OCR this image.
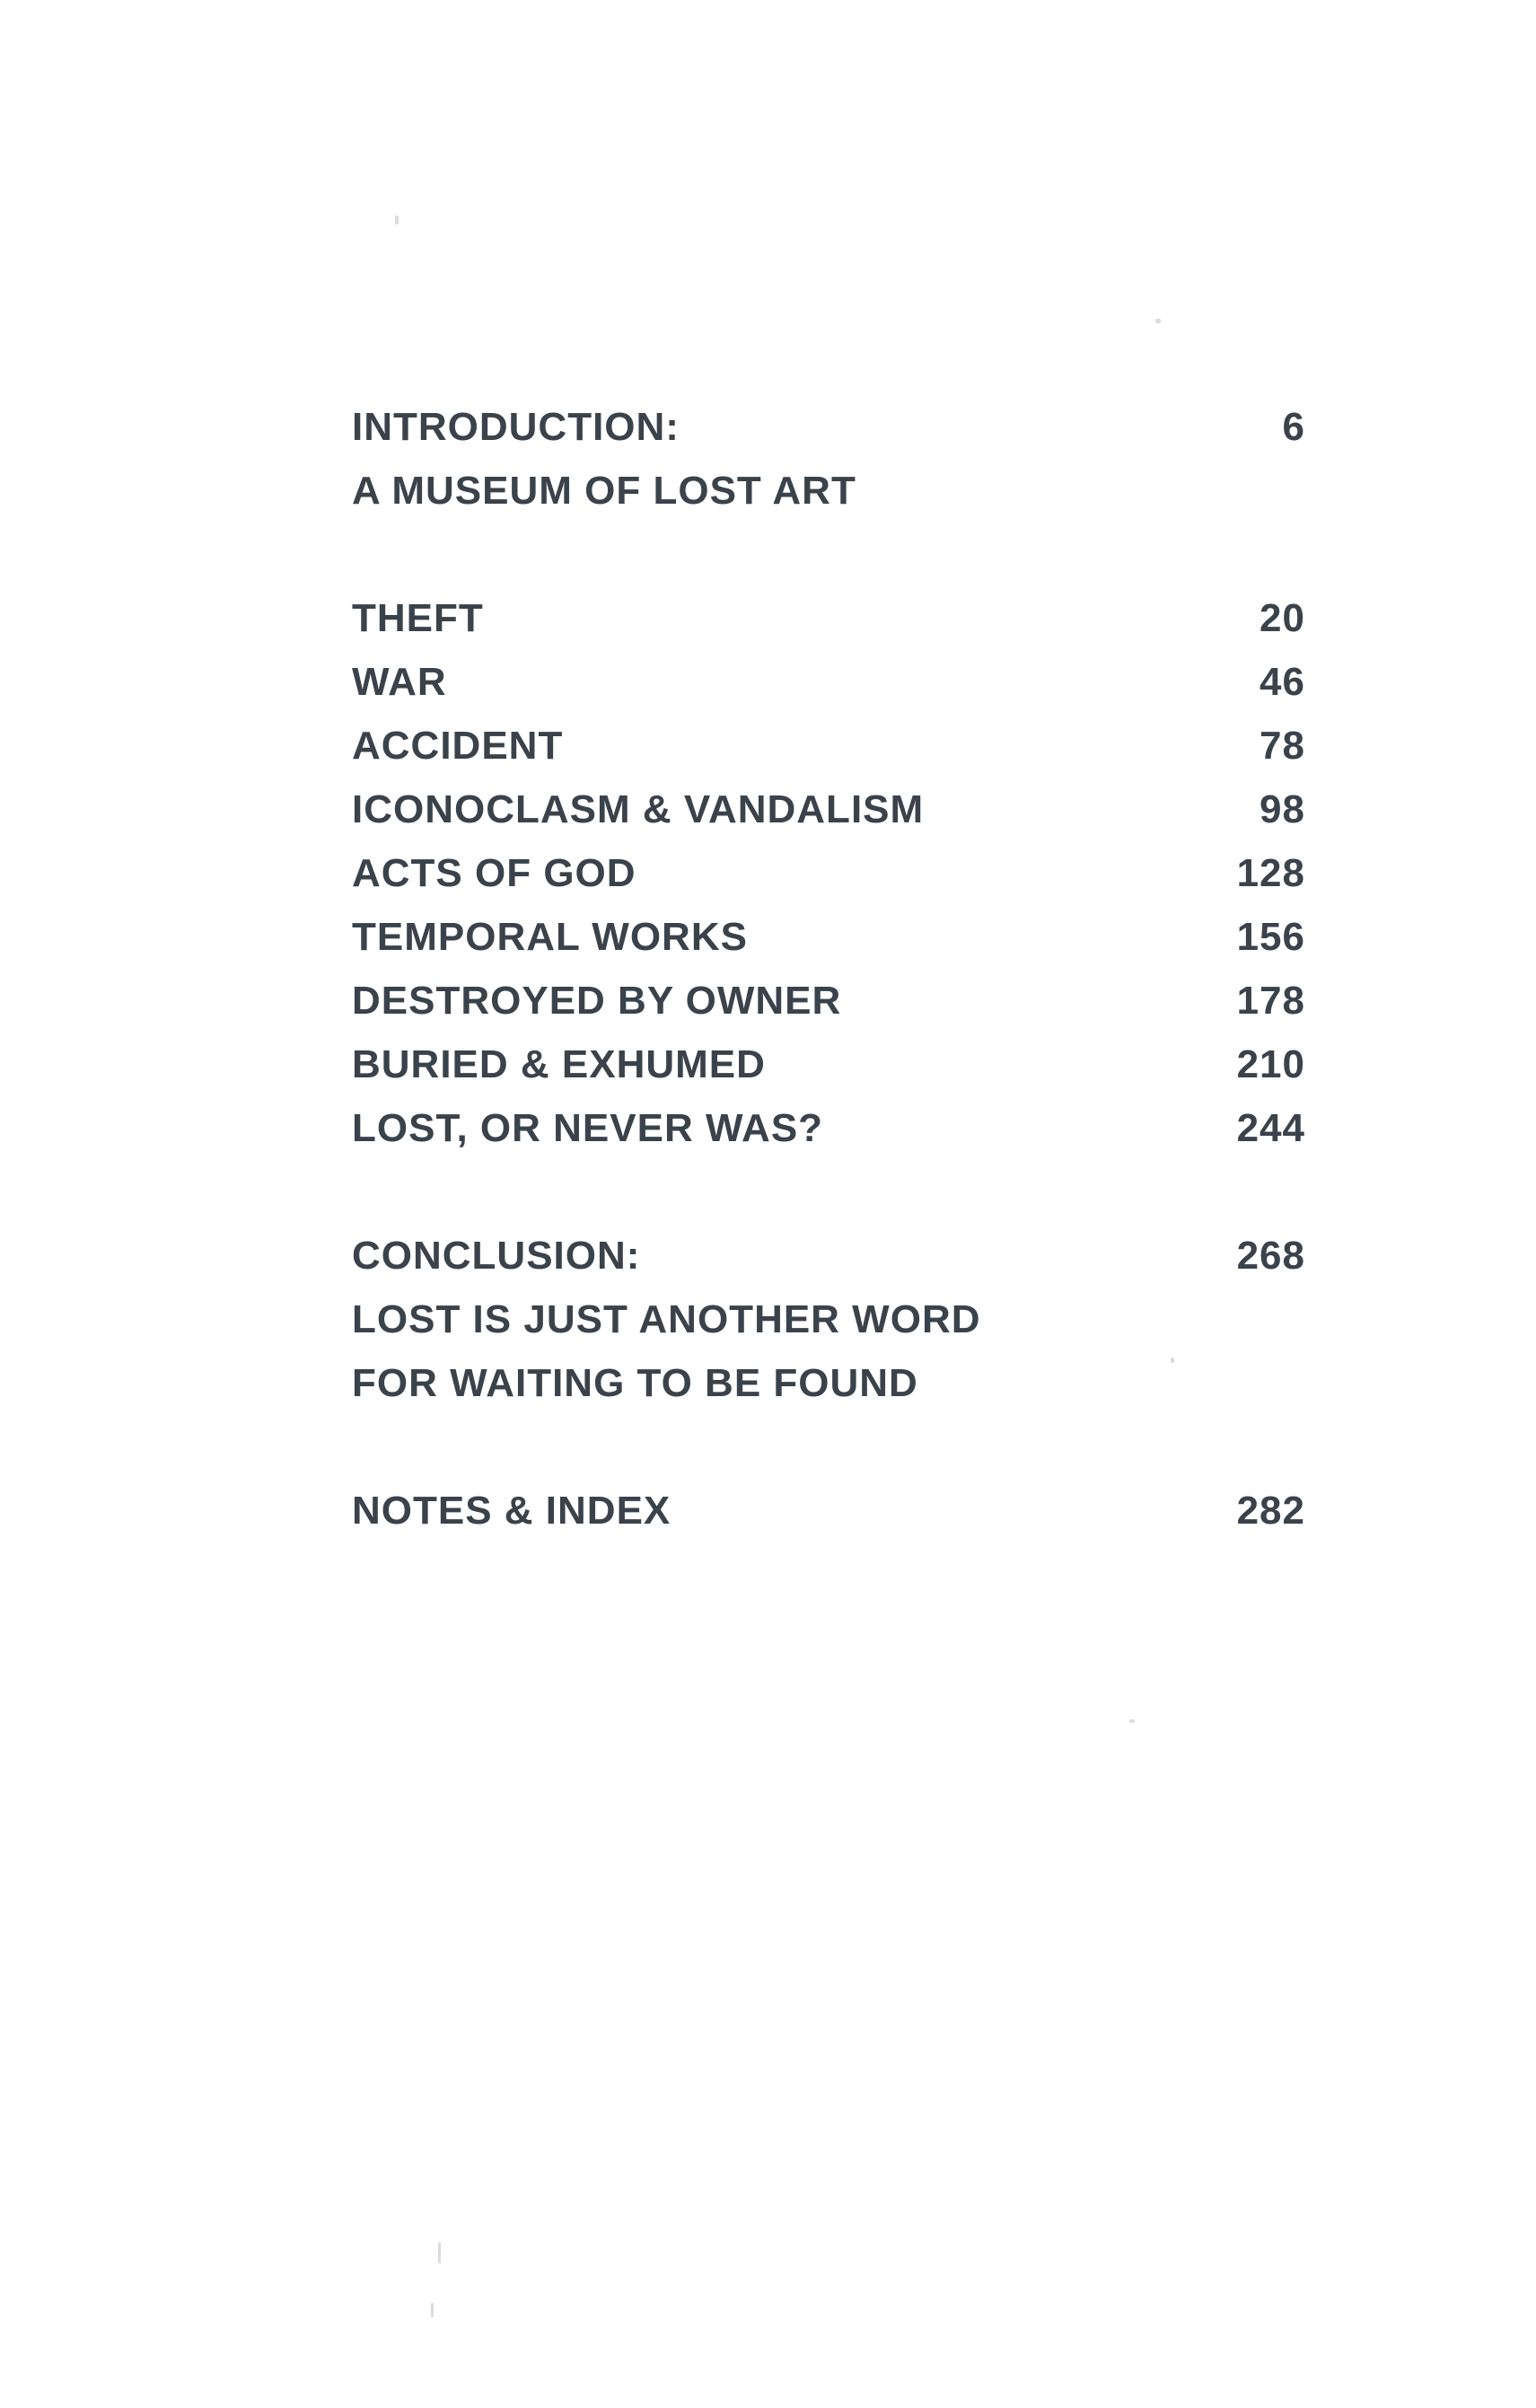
INTRODUCTION:	6
A MUSEUM OF LOST ART
THEFT	20
WAR	46
ACCIDENT	78
ICONOCLASM & VANDALISM	98
ACTS OF GOD	128
TEMPORAL WORKS	156
DESTROYED BY OWNER	178
BURIED & EXHUMED	210
LOST, OR NEVER WAS?	244
CONCLUSION:	268
LOST IS JUST ANOTHER WORD
FOR WAITING TO BE FOUND
NOTES & INDEX	282
